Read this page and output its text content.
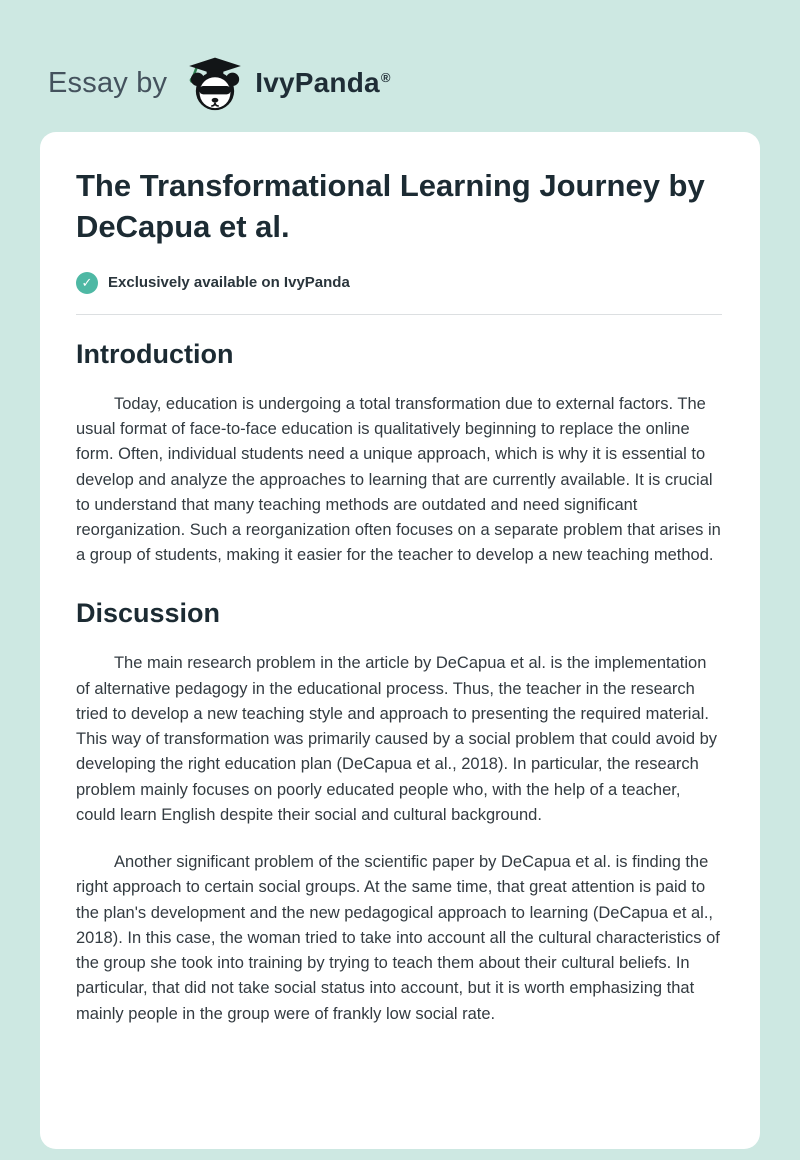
Essay by	IvyPanda®
The Transformational Learning Journey by DeCapua et al.
✓	Exclusively available on IvyPanda
Introduction

Today, education is undergoing a total transformation due to external factors. The usual format of face-to-face education is qualitatively beginning to replace the online form. Often, individual students need a unique approach, which is why it is essential to develop and analyze the approaches to learning that are currently available. It is crucial to understand that many teaching methods are outdated and need significant reorganization. Such a reorganization often focuses on a separate problem that arises in a group of students, making it easier for the teacher to develop a new teaching method.

Discussion

The main research problem in the article by DeCapua et al. is the implementation of alternative pedagogy in the educational process. Thus, the teacher in the research tried to develop a new teaching style and approach to presenting the required material. This way of transformation was primarily caused by a social problem that could avoid by developing the right education plan (DeCapua et al., 2018). In particular, the research problem mainly focuses on poorly educated people who, with the help of a teacher, could learn English despite their social and cultural background.

Another significant problem of the scientific paper by DeCapua et al. is finding the right approach to certain social groups. At the same time, that great attention is paid to the plan's development and the new pedagogical approach to learning (DeCapua et al., 2018). In this case, the woman tried to take into account all the cultural characteristics of the group she took into training by trying to teach them about their cultural beliefs. In particular, that did not take social status into account, but it is worth emphasizing that mainly people in the group were of frankly low social rate.
